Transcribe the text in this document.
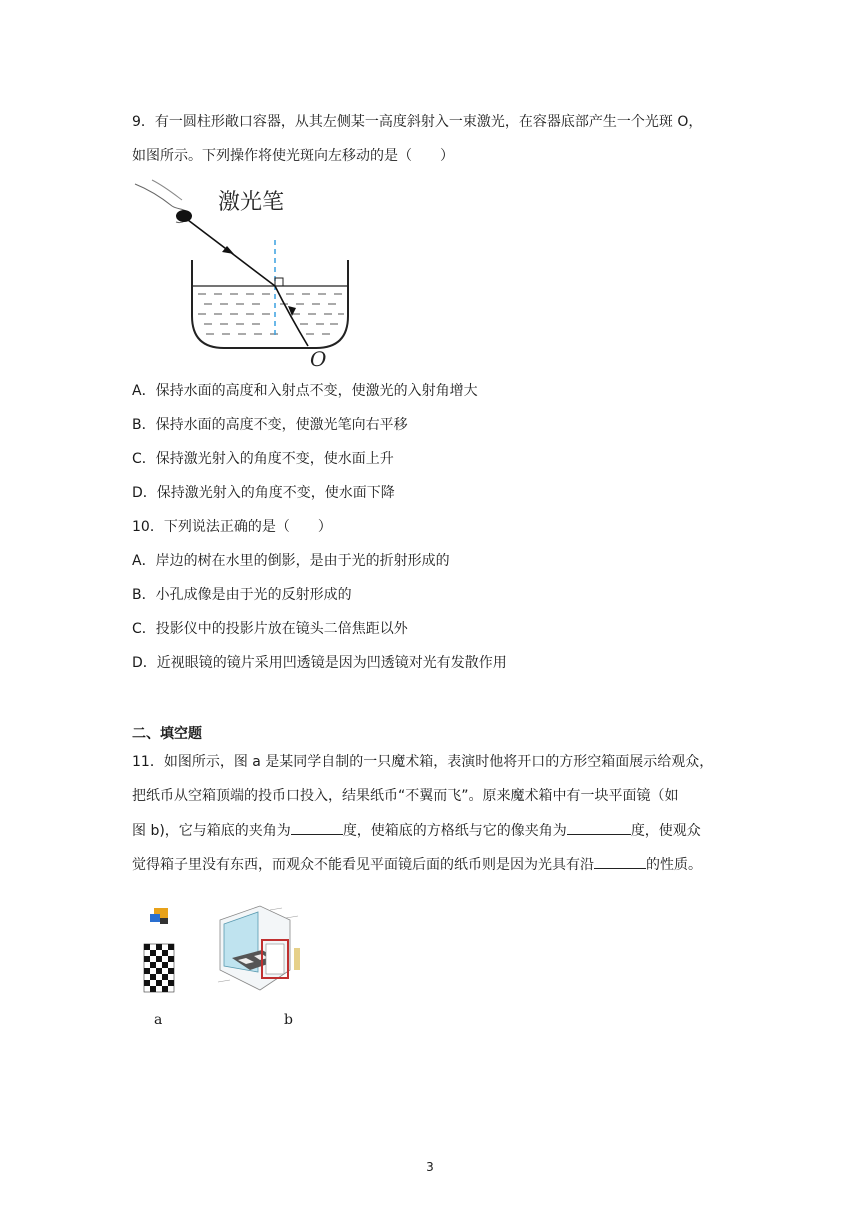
9．有一圆柱形敞口容器，从其左侧某一高度斜射入一束激光，在容器底部产生一个光斑 O，
如图所示。下列操作将使光斑向左移动的是（　　）
激光笔
O
A．保持水面的高度和入射点不变，使激光的入射角增大
B．保持水面的高度不变，使激光笔向右平移
C．保持激光射入的角度不变，使水面上升
D．保持激光射入的角度不变，使水面下降
10．下列说法正确的是（　　）
A．岸边的树在水里的倒影，是由于光的折射形成的
B．小孔成像是由于光的反射形成的
C．投影仪中的投影片放在镜头二倍焦距以外
D．近视眼镜的镜片采用凹透镜是因为凹透镜对光有发散作用
二、填空题
11．如图所示，图 a 是某同学自制的一只魔术箱，表演时他将开口的方形空箱面展示给观众，
把纸币从空箱顶端的投币口投入，结果纸币“不翼而飞”。原来魔术箱中有一块平面镜（如
图 b)，它与箱底的夹角为	度，使箱底的方格纸与它的像夹角为	度，使观众
觉得箱子里没有东西，而观众不能看见平面镜后面的纸币则是因为光具有沿	的性质。
a	b
3
